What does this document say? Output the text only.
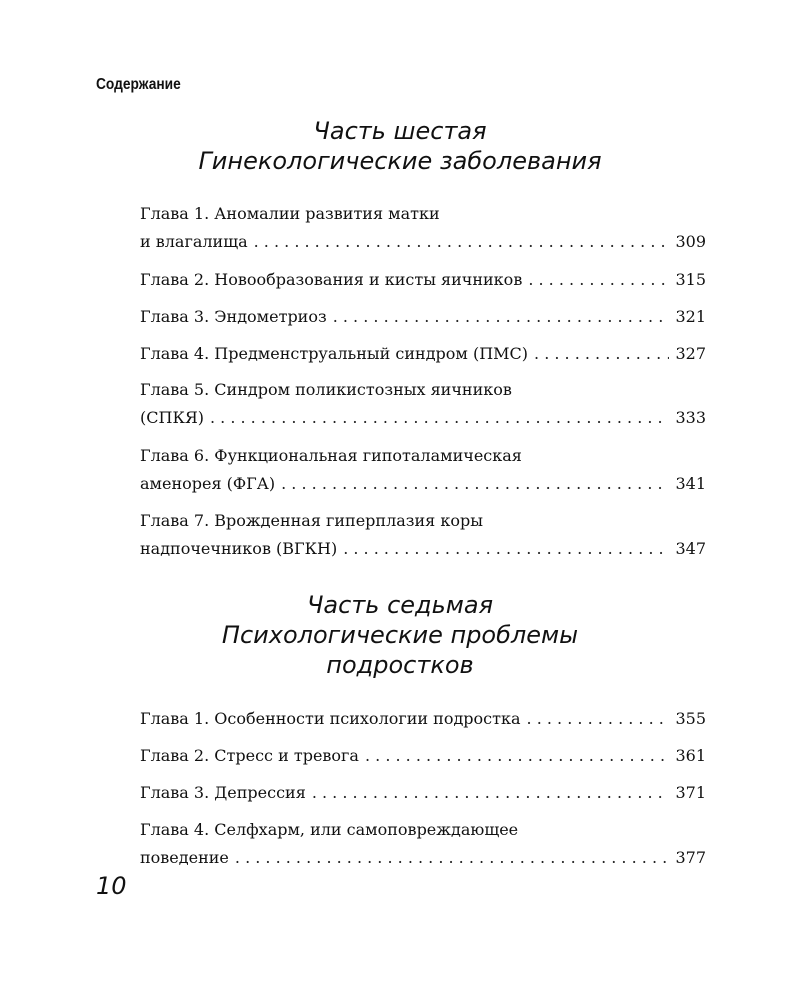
Содержание
Часть шестая
Гинекологические заболевания
Глава 1. Аномалии развития матки
и влагалища . . .	309
Глава 2. Новообразования и кисты яичников . . .	315
Глава 3. Эндометриоз . . .	321
Глава 4. Предменструальный синдром (ПМС) . . .	327
Глава 5. Синдром поликистозных яичников
(СПКЯ) . . .	333
Глава 6. Функциональная гипоталамическая
аменорея (ФГА) . . .	341
Глава 7. Врожденная гиперплазия коры
надпочечников (ВГКН) . . .	347
Часть седьмая
Психологические проблемы
подростков
Глава 1. Особенности психологии подростка . . .	355
Глава 2. Стресс и тревога . . .	361
Глава 3. Депрессия . . .	371
Глава 4. Селфхарм, или самоповреждающее
поведение . . .	377
10
